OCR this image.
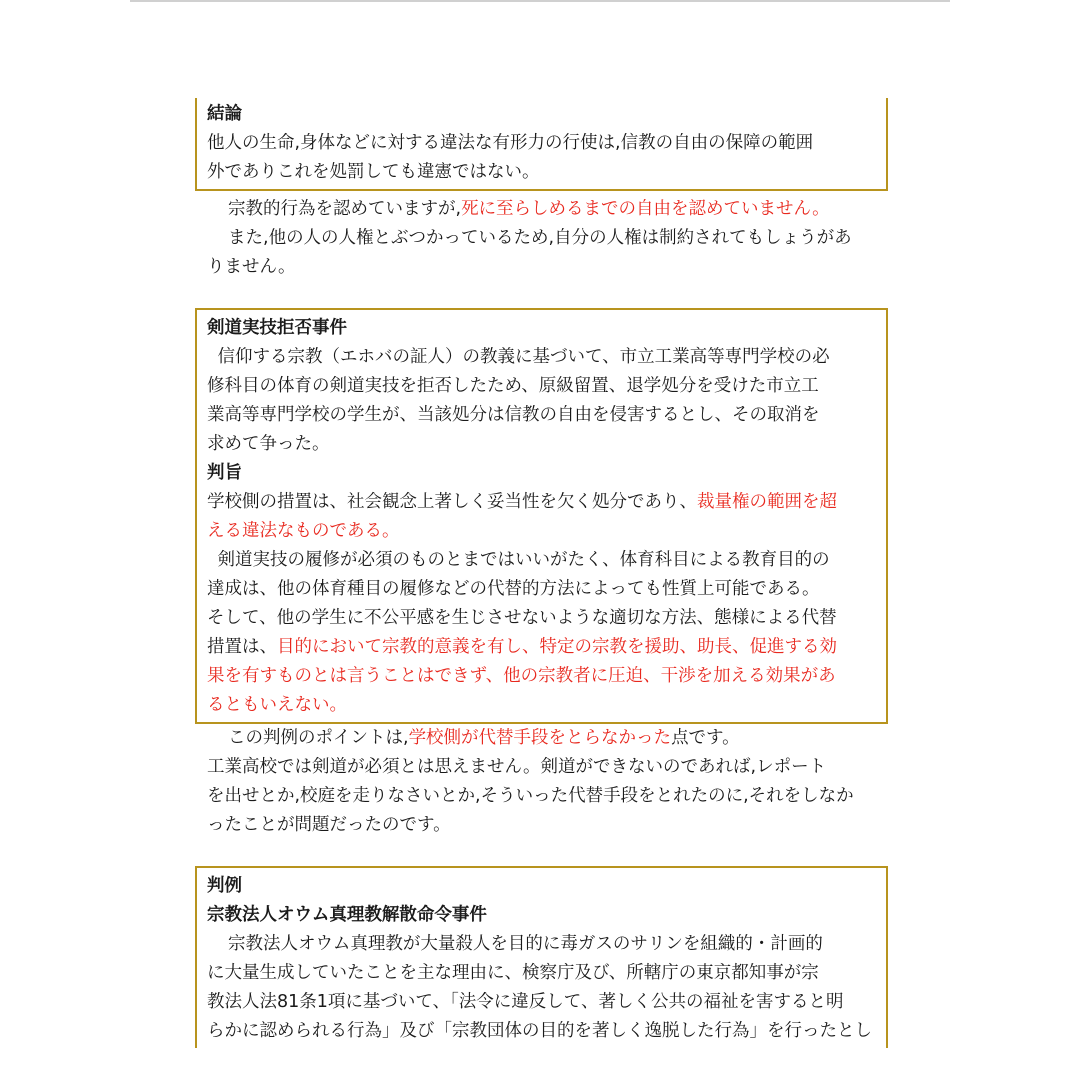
結論
他人の生命,身体などに対する違法な有形力の行使は,信教の自由の保障の範囲
外でありこれを処罰しても違憲ではない。
宗教的行為を認めていますが,死に至らしめるまでの自由を認めていません。
また,他の人の人権とぶつかっているため,自分の人権は制約されてもしょうがあ
りません。
剣道実技拒否事件
信仰する宗教（エホバの証人）の教義に基づいて、市立工業高等専門学校の必
修科目の体育の剣道実技を拒否したため、原級留置、退学処分を受けた市立工
業高等専門学校の学生が、当該処分は信教の自由を侵害するとし、その取消を
求めて争った。
判旨
学校側の措置は、社会観念上著しく妥当性を欠く処分であり、裁量権の範囲を超
える違法なものである。
剣道実技の履修が必須のものとまではいいがたく、体育科目による教育目的の
達成は、他の体育種目の履修などの代替的方法によっても性質上可能である。
そして、他の学生に不公平感を生じさせないような適切な方法、態様による代替
措置は、目的において宗教的意義を有し、特定の宗教を援助、助長、促進する効
果を有すものとは言うことはできず、他の宗教者に圧迫、干渉を加える効果があ
るともいえない。
この判例のポイントは,学校側が代替手段をとらなかった点です。
工業高校では剣道が必須とは思えません。剣道ができないのであれば,レポート
を出せとか,校庭を走りなさいとか,そういった代替手段をとれたのに,それをしなか
ったことが問題だったのです。
判例
宗教法人オウム真理教解散命令事件
宗教法人オウム真理教が大量殺人を目的に毒ガスのサリンを組織的・計画的
に大量生成していたことを主な理由に、検察庁及び、所轄庁の東京都知事が宗
教法人法81条1項に基づいて、「法令に違反して、著しく公共の福祉を害すると明
らかに認められる行為」及び「宗教団体の目的を著しく逸脱した行為」を行ったとし
